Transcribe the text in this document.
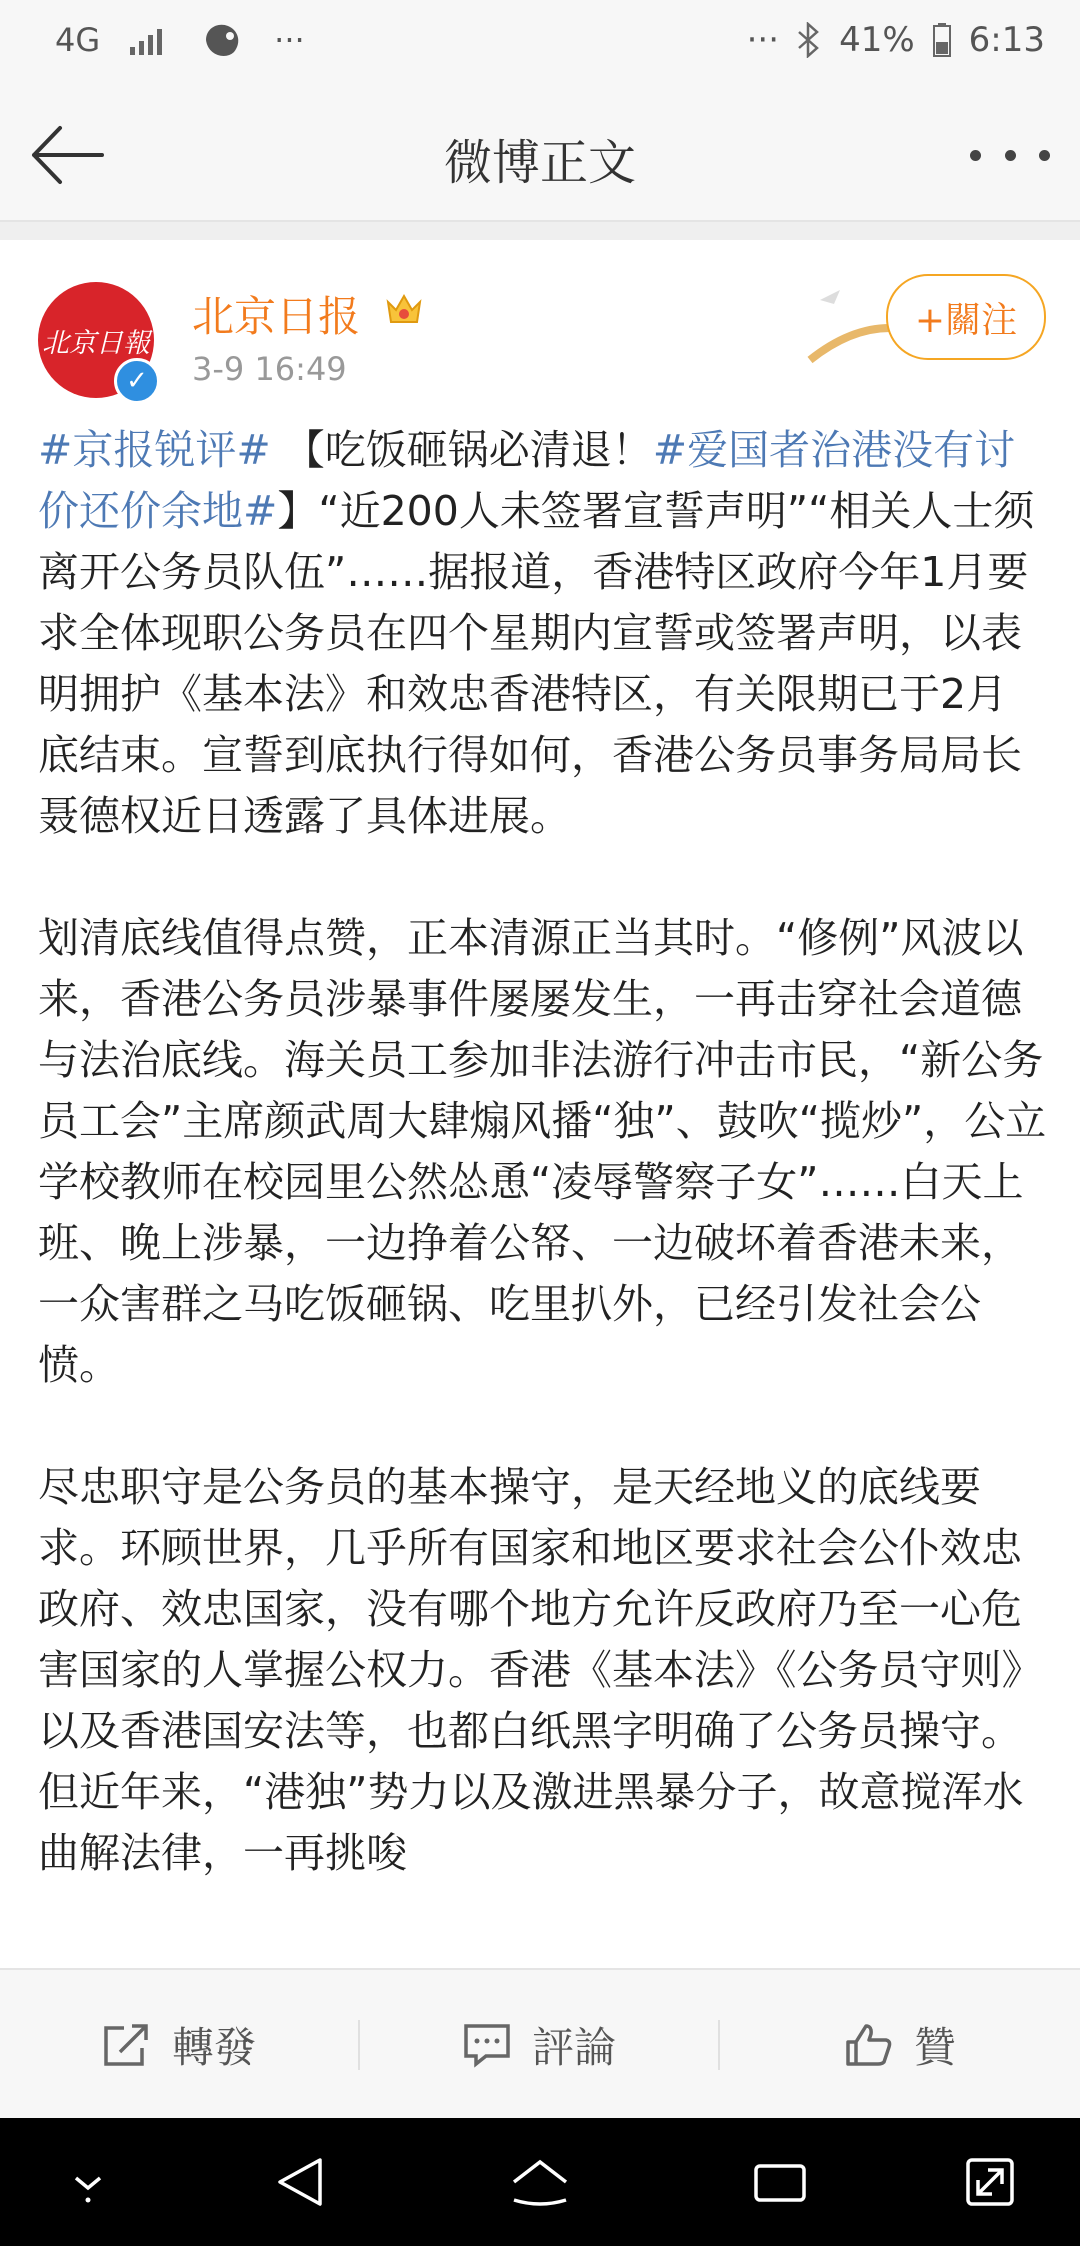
4G	···	··· 41% 6:13
微博正文
北京日報
✓
北京日报
3-9 16:49
+關注

#京报锐评# 【吃饭砸锅必清退！#爱国者治港没有讨价还价余地#】“近200人未签署宣誓声明”“相关人士须离开公务员队伍”……据报道，香港特区政府今年1月要求全体现职公务员在四个星期内宣誓或签署声明，以表明拥护《基本法》和效忠香港特区，有关限期已于2月底结束。宣誓到底执行得如何，香港公务员事务局局长聂德权近日透露了具体进展。

划清底线值得点赞，正本清源正当其时。“修例”风波以来，香港公务员涉暴事件屡屡发生，一再击穿社会道德与法治底线。海关员工参加非法游行冲击市民，“新公务员工会”主席颜武周大肆煽风播“独”、鼓吹“揽炒”，公立学校教师在校园里公然怂恿“凌辱警察子女”……白天上班、晚上涉暴，一边挣着公帑、一边破坏着香港未来，一众害群之马吃饭砸锅、吃里扒外，已经引发社会公愤。

尽忠职守是公务员的基本操守，是天经地义的底线要求。环顾世界，几乎所有国家和地区要求社会公仆效忠政府、效忠国家，没有哪个地方允许反政府乃至一心危害国家的人掌握公权力。香港《基本法》《公务员守则》以及香港国安法等，也都白纸黑字明确了公务员操守。但近年来，“港独”势力以及激进黑暴分子，故意搅浑水曲解法律，一再挑唆

轉發	評論	贊
